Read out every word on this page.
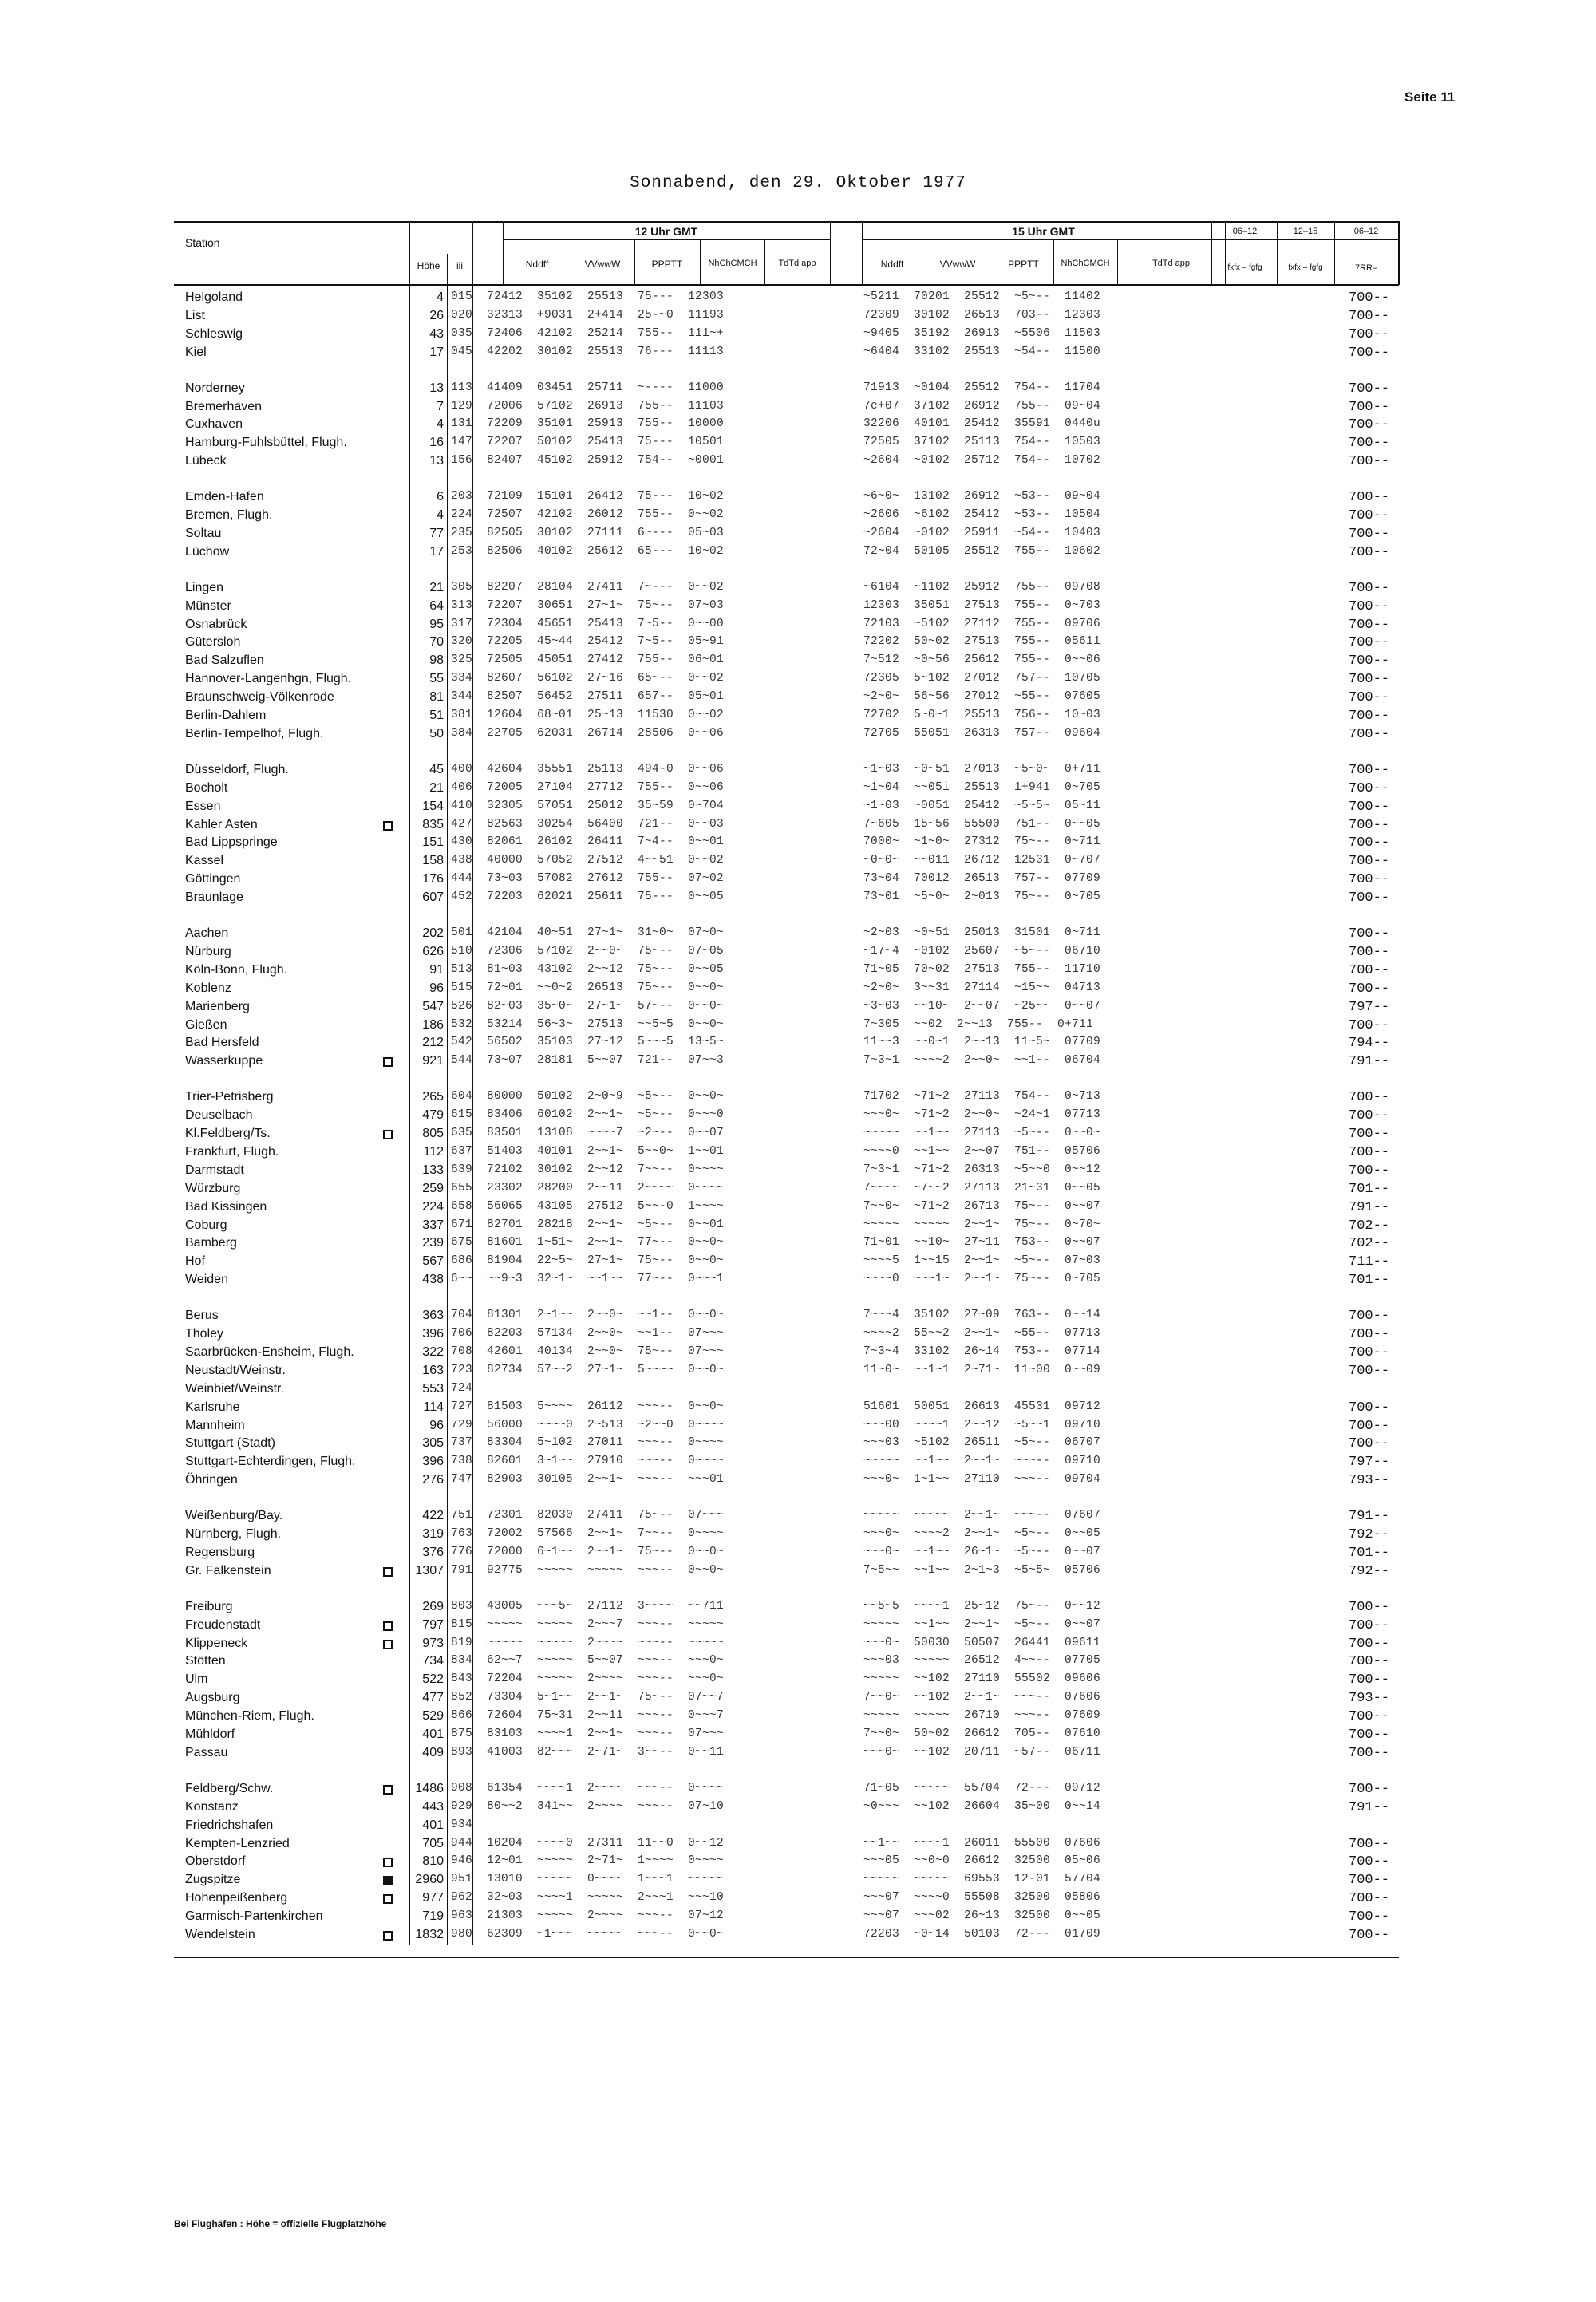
Seite 11
Sonnabend, den 29. Oktober 1977
Station
Höhe	iii
12 Uhr GMT
Nddff	VVwwW	PPPTT	NhChCMCH	TdTd app
15 Uhr GMT
Nddff	VVwwW	PPPTT	NhChCMCH	TdTd app
06–12	12–15	06–12
fxfx – fgfg	fxfx – fgfg	7RR–
Helgoland	4 015  72412  35102  25513  75---  12303	~5211  70201  25512  ~5~--  11402	700--
List	26 020  32313  +9031  2+414  25-~0  11193	72309  30102  26513  703--  12303	700--
Schleswig	43 035  72406  42102  25214  755--  111~+	~9405  35192  26913  ~5506  11503	700--
Kiel	17 045  42202  30102  25513  76---  11113	~6404  33102  25513  ~54--  11500	700--
Norderney	13 113  41409  03451  25711  ~----  11000	71913  ~0104  25512  754--  11704	700--
Bremerhaven	7 129  72006  57102  26913  755--  11103	7e+07  37102  26912  755--  09~04	700--
Cuxhaven	4 131  72209  35101  25913  755--  10000	32206  40101  25412  35591  0440u	700--
Hamburg-Fuhlsbüttel, Flugh.	16 147  72207  50102  25413  75---  10501	72505  37102  25113  754--  10503	700--
Lübeck	13 156  82407  45102  25912  754--  ~0001	~2604  ~0102  25712  754--  10702	700--
Emden-Hafen	6 203  72109  15101  26412  75---  10~02	~6~0~  13102  26912  ~53--  09~04	700--
Bremen, Flugh.	4 224  72507  42102  26012  755--  0~~02	~2606  ~6102  25412  ~53--  10504	700--
Soltau	77 235  82505  30102  27111  6~---  05~03	~2604  ~0102  25911  ~54--  10403	700--
Lüchow	17 253  82506  40102  25612  65---  10~02	72~04  50105  25512  755--  10602	700--
Lingen	21 305  82207  28104  27411  7~---  0~~02	~6104  ~1102  25912  755--  09708	700--
Münster	64 313  72207  30651  27~1~  75~--  07~03	12303  35051  27513  755--  0~703	700--
Osnabrück	95 317  72304  45651  25413  7~5--  0~~00	72103  ~5102  27112  755--  09706	700--
Gütersloh	70 320  72205  45~44  25412  7~5--  05~91	72202  50~02  27513  755--  05611	700--
Bad Salzuflen	98 325  72505  45051  27412  755--  06~01	7~512  ~0~56  25612  755--  0~~06	700--
Hannover-Langenhgn, Flugh.	55 334  82607  56102  27~16  65~--  0~~02	72305  5~102  27012  757--  10705	700--
Braunschweig-Völkenrode	81 344  82507  56452  27511  657--  05~01	~2~0~  56~56  27012  ~55--  07605	700--
Berlin-Dahlem	51 381  12604  68~01  25~13  11530  0~~02	72702  5~0~1  25513  756--  10~03	700--
Berlin-Tempelhof, Flugh.	50 384  22705  62031  26714  28506  0~~06	72705  55051  26313  757--  09604	700--
Düsseldorf, Flugh.	45 400  42604  35551  25113  494-0  0~~06	~1~03  ~0~51  27013  ~5~0~  0+711	700--
Bocholt	21 406  72005  27104  27712  755--  0~~06	~1~04  ~~05i  25513  1+941  0~705	700--
Essen	154 410  32305  57051  25012  35~59  0~704	~1~03  ~0051  25412  ~5~5~  05~11	700--
Kahler Asten	835 427  82563  30254  56400  721--  0~~03	7~605  15~56  55500  751--  0~~05	700--
Bad Lippspringe	151 430  82061  26102  26411  7~4--  0~~01	7000~  ~1~0~  27312  75~--  0~711	700--
Kassel	158 438  40000  57052  27512  4~~51  0~~02	~0~0~  ~~011  26712  12531  0~707	700--
Göttingen	176 444  73~03  57082  27612  755--  07~02	73~04  70012  26513  757--  07709	700--
Braunlage	607 452  72203  62021  25611  75---  0~~05	73~01  ~5~0~  2~013  75~--  0~705	700--
Aachen	202 501  42104  40~51  27~1~  31~0~  07~0~	~2~03  ~0~51  25013  31501  0~711	700--
Nürburg	626 510  72306  57102  2~~0~  75~--  07~05	~17~4  ~0102  25607  ~5~--  06710	700--
Köln-Bonn, Flugh.	91 513  81~03  43102  2~~12  75~--  0~~05	71~05  70~02  27513  755--  11710	700--
Koblenz	96 515  72~01  ~~0~2  26513  75~--  0~~0~	~2~0~  3~~31  27114  ~15~~  04713	700--
Marienberg	547 526  82~03  35~0~  27~1~  57~--  0~~0~	~3~03  ~~10~  2~~07  ~25~~  0~~07	797--
Gießen	186 532  53214  56~3~  27513  ~~5~5  0~~0~	7~305  ~~02  2~~13  755--  0+711	700--
Bad Hersfeld	212 542  56502  35103  27~12  5~~~5  13~5~	11~~3  ~~0~1  2~~13  11~5~  07709	794--
Wasserkuppe	921 544  73~07  28181  5~~07  721--  07~~3	7~3~1  ~~~~2  2~~0~  ~~1--  06704	791--
Trier-Petrisberg	265 604  80000  50102  2~0~9  ~5~--  0~~0~	71702  ~71~2  27113  754--  0~713	700--
Deuselbach	479 615  83406  60102  2~~1~  ~5~--  0~~~0	~~~0~  ~71~2  2~~0~  ~24~1  07713	700--
Kl.Feldberg/Ts.	805 635  83501  13108  ~~~~7  ~2~--  0~~07	~~~~~  ~~1~~  27113  ~5~--  0~~0~	700--
Frankfurt, Flugh.	112 637  51403  40101  2~~1~  5~~0~  1~~01	~~~~0  ~~1~~  2~~07  751--  05706	700--
Darmstadt	133 639  72102  30102  2~~12  7~~--  0~~~~	7~3~1  ~71~2  26313  ~5~~0  0~~12	700--
Würzburg	259 655  23302  28200  2~~11  2~~~~  0~~~~	7~~~~  ~7~~2  27113  21~31  0~~05	701--
Bad Kissingen	224 658  56065  43105  27512  5~~-0  1~~~~	7~~0~  ~71~2  26713  75~--  0~~07	791--
Coburg	337 671  82701  28218  2~~1~  ~5~--  0~~01	~~~~~  ~~~~~  2~~1~  75~--  0~70~	702--
Bamberg	239 675  81601  1~51~  2~~1~  77~--  0~~0~	71~01  ~~10~  27~11  753--  0~~07	702--
Hof	567 686  81904  22~5~  27~1~  75~--  0~~0~	~~~~5  1~~15  2~~1~  ~5~--  07~03	711--
Weiden	438 6~~  ~~9~3  32~1~  ~~1~~  77~--  0~~~1	~~~~0  ~~~1~  2~~1~  75~--  0~705	701--
Berus	363 704  81301  2~1~~  2~~0~  ~~1--  0~~0~	7~~~4  35102  27~09  763--  0~~14	700--
Tholey	396 706  82203  57134  2~~0~  ~~1--  07~~~	~~~~2  55~~2  2~~1~  ~55--  07713	700--
Saarbrücken-Ensheim, Flugh.	322 708  42601  40134  2~~0~  75~--  07~~~	7~3~4  33102  26~14  753--  07714	700--
Neustadt/Weinstr.	163 723  82734  57~~2  27~1~  5~~~~  0~~0~	11~0~  ~~1~1  2~71~  11~00  0~~09	700--
Weinbiet/Weinstr.	553 724
Karlsruhe	114 727  81503  5~~~~  26112  ~~~--  0~~0~	51601  50051  26613  45531  09712	700--
Mannheim	96 729  56000  ~~~~0  2~513  ~2~~0  0~~~~	~~~00  ~~~~1  2~~12  ~5~~1  09710	700--
Stuttgart (Stadt)	305 737  83304  5~102  27011  ~~~--  0~~~~	~~~03  ~5102  26511  ~5~--  06707	700--
Stuttgart-Echterdingen, Flugh.	396 738  82601  3~1~~  27910  ~~~--  0~~~~	~~~~~  ~~1~~  2~~1~  ~~~--  09710	797--
Öhringen	276 747  82903  30105  2~~1~  ~~~--  ~~~01	~~~0~  1~1~~  27110  ~~~--  09704	793--
Weißenburg/Bay.	422 751  72301  82030  27411  75~--  07~~~	~~~~~  ~~~~~  2~~1~  ~~~--  07607	791--
Nürnberg, Flugh.	319 763  72002  57566  2~~1~  7~~--  0~~~~	~~~0~  ~~~~2  2~~1~  ~5~--  0~~05	792--
Regensburg	376 776  72000  6~1~~  2~~1~  75~--  0~~0~	~~~0~  ~~1~~  26~1~  ~5~--  0~~07	701--
Gr. Falkenstein	1307 791  92775  ~~~~~  ~~~~~  ~~~--  0~~0~	7~5~~  ~~1~~  2~1~3  ~5~5~  05706	792--
Freiburg	269 803  43005  ~~~5~  27112  3~~~~  ~~711	~~5~5  ~~~~1  25~12  75~--  0~~12	700--
Freudenstadt	797 815  ~~~~~  ~~~~~  2~~~7  ~~~--  ~~~~~	~~~~~  ~~1~~  2~~1~  ~5~--  0~~07	700--
Klippeneck	973 819  ~~~~~  ~~~~~  2~~~~  ~~~--  ~~~~~	~~~0~  50030  50507  26441  09611	700--
Stötten	734 834  62~~7  ~~~~~  5~~07  ~~~--  ~~~0~	~~~03  ~~~~~  26512  4~~--  07705	700--
Ulm	522 843  72204  ~~~~~  2~~~~  ~~~--  ~~~0~	~~~~~  ~~102  27110  55502  09606	700--
Augsburg	477 852  73304  5~1~~  2~~1~  75~--  07~~7	7~~0~  ~~102  2~~1~  ~~~--  07606	793--
München-Riem, Flugh.	529 866  72604  75~31  2~~11  ~~~--  0~~~7	~~~~~  ~~~~~  26710  ~~~--  07609	700--
Mühldorf	401 875  83103  ~~~~1  2~~1~  ~~~--  07~~~	7~~0~  50~02  26612  705--  07610	700--
Passau	409 893  41003  82~~~  2~71~  3~~--  0~~11	~~~0~  ~~102  20711  ~57--  06711	700--
Feldberg/Schw.	1486 908  61354  ~~~~1  2~~~~  ~~~--  0~~~~	71~05  ~~~~~  55704  72---  09712	700--
Konstanz	443 929  80~~2  341~~  2~~~~  ~~~--  07~10	~0~~~  ~~102  26604  35~00  0~~14	791--
Friedrichshafen	401 934
Kempten-Lenzried	705 944  10204  ~~~~0  27311  11~~0  0~~12	~~1~~  ~~~~1  26011  55500  07606	700--
Oberstdorf	810 946  12~01  ~~~~~  2~71~  1~~~~  0~~~~	~~~05  ~~0~0  26612  32500  05~06	700--
Zugspitze	2960 951  13010  ~~~~~  0~~~~  1~~~1  ~~~~~	~~~~~  ~~~~~  69553  12-01  57704	700--
Hohenpeißenberg	977 962  32~03  ~~~~1  ~~~~~  2~~~1  ~~~10	~~~07  ~~~~0  55508  32500  05806	700--
Garmisch-Partenkirchen	719 963  21303  ~~~~~  2~~~~  ~~~--  07~12	~~~07  ~~~02  26~13  32500  0~~05	700--
Wendelstein	1832 980  62309  ~1~~~  ~~~~~  ~~~--  0~~0~	72203  ~0~14  50103  72---  01709	700--
Bei Flughäfen : Höhe = offizielle Flugplatzhöhe
